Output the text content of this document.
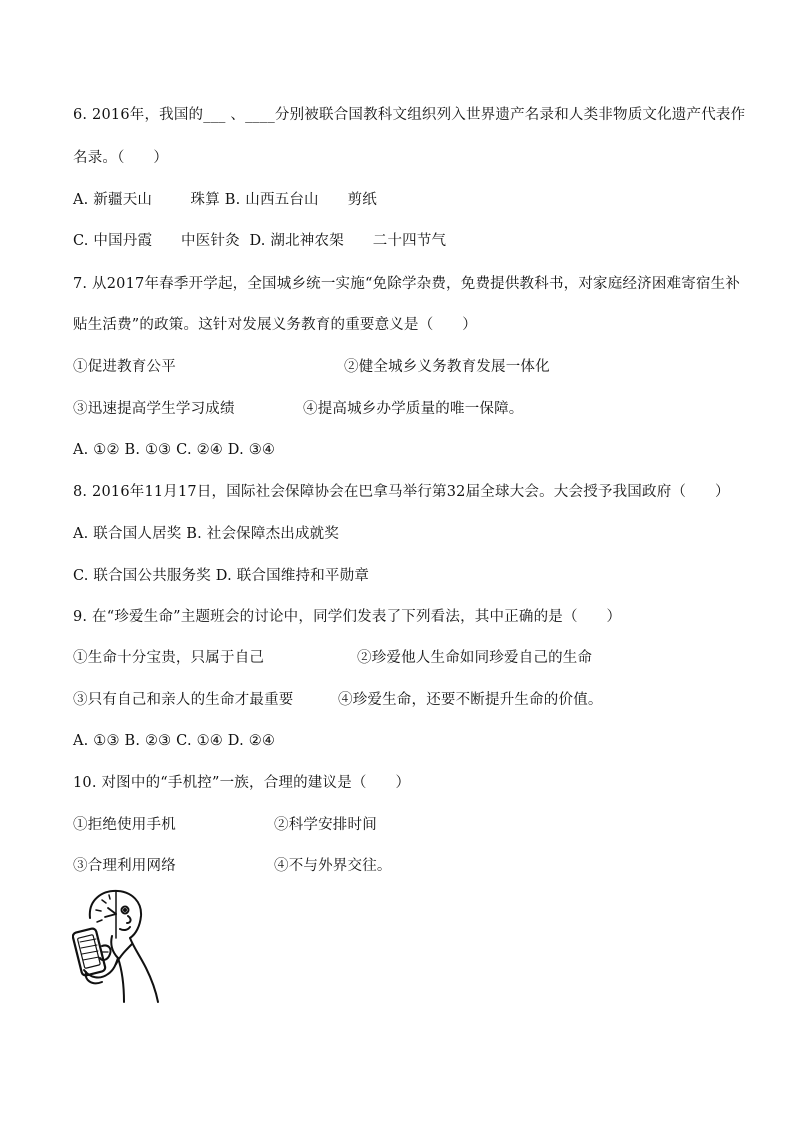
6. 2016年，我国的___ 、____分别被联合国教科文组织列入世界遗产名录和人类非物质文化遗产代表作
名录。（      ）
A. 新疆天山        珠算 B. 山西五台山      剪纸
C. 中国丹霞      中医针灸  D. 湖北神农架      二十四节气
7. 从2017年春季开学起，全国城乡统一实施“免除学杂费，免费提供教科书，对家庭经济困难寄宿生补
贴生活费”的政策。这针对发展义务教育的重要意义是（      ）
①促进教育公平	②健全城乡义务教育发展一体化
③迅速提高学生学习成绩	④提高城乡办学质量的唯一保障。
A. ①② B. ①③ C. ②④ D. ③④
8. 2016年11月17日，国际社会保障协会在巴拿马举行第32届全球大会。大会授予我国政府（      ）
A. 联合国人居奖 B. 社会保障杰出成就奖
C. 联合国公共服务奖 D. 联合国维持和平勋章
9. 在“珍爱生命”主题班会的讨论中，同学们发表了下列看法，其中正确的是（      ）
①生命十分宝贵，只属于自己	②珍爱他人生命如同珍爱自己的生命
③只有自己和亲人的生命才最重要	④珍爱生命，还要不断提升生命的价值。
A. ①③ B. ②③ C. ①④ D. ②④
10. 对图中的“手机控”一族，合理的建议是（      ）
①拒绝使用手机	②科学安排时间
③合理利用网络	④不与外界交往。
